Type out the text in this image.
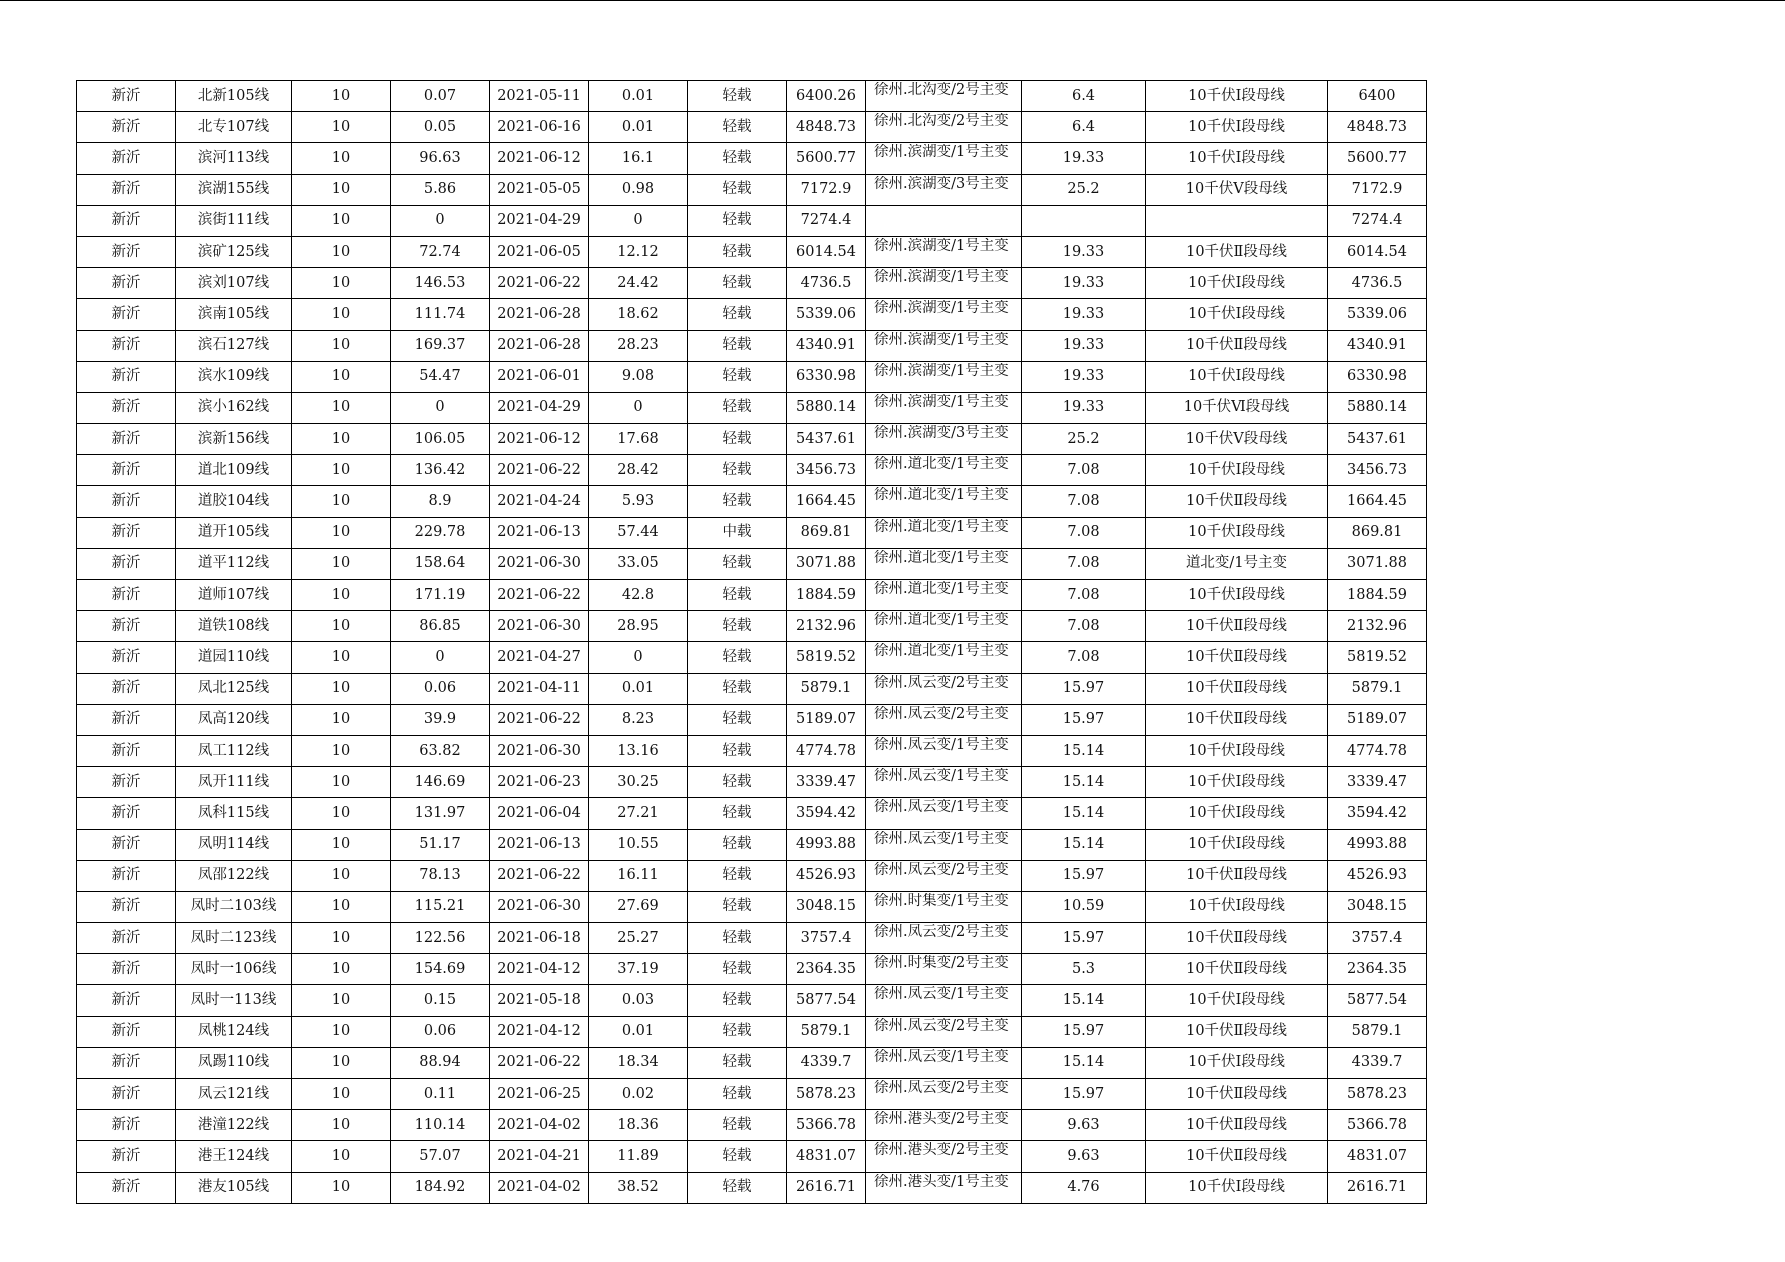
新沂	北新105线	10	0.07	2021-05-11	0.01	轻载	6400.26	徐州.北沟变/2号主变	6.4	10千伏Ⅰ段母线	6400
新沂	北专107线	10	0.05	2021-06-16	0.01	轻载	4848.73	徐州.北沟变/2号主变	6.4	10千伏Ⅰ段母线	4848.73
新沂	滨河113线	10	96.63	2021-06-12	16.1	轻载	5600.77	徐州.滨湖变/1号主变	19.33	10千伏Ⅰ段母线	5600.77
新沂	滨湖155线	10	5.86	2021-05-05	0.98	轻载	7172.9	徐州.滨湖变/3号主变	25.2	10千伏Ⅴ段母线	7172.9
新沂	滨街111线	10	0	2021-04-29	0	轻载	7274.4				7274.4
新沂	滨矿125线	10	72.74	2021-06-05	12.12	轻载	6014.54	徐州.滨湖变/1号主变	19.33	10千伏Ⅱ段母线	6014.54
新沂	滨刘107线	10	146.53	2021-06-22	24.42	轻载	4736.5	徐州.滨湖变/1号主变	19.33	10千伏Ⅰ段母线	4736.5
新沂	滨南105线	10	111.74	2021-06-28	18.62	轻载	5339.06	徐州.滨湖变/1号主变	19.33	10千伏Ⅰ段母线	5339.06
新沂	滨石127线	10	169.37	2021-06-28	28.23	轻载	4340.91	徐州.滨湖变/1号主变	19.33	10千伏Ⅱ段母线	4340.91
新沂	滨水109线	10	54.47	2021-06-01	9.08	轻载	6330.98	徐州.滨湖变/1号主变	19.33	10千伏Ⅰ段母线	6330.98
新沂	滨小162线	10	0	2021-04-29	0	轻载	5880.14	徐州.滨湖变/1号主变	19.33	10千伏Ⅵ段母线	5880.14
新沂	滨新156线	10	106.05	2021-06-12	17.68	轻载	5437.61	徐州.滨湖变/3号主变	25.2	10千伏Ⅴ段母线	5437.61
新沂	道北109线	10	136.42	2021-06-22	28.42	轻载	3456.73	徐州.道北变/1号主变	7.08	10千伏Ⅰ段母线	3456.73
新沂	道胶104线	10	8.9	2021-04-24	5.93	轻载	1664.45	徐州.道北变/1号主变	7.08	10千伏Ⅱ段母线	1664.45
新沂	道开105线	10	229.78	2021-06-13	57.44	中载	869.81	徐州.道北变/1号主变	7.08	10千伏Ⅰ段母线	869.81
新沂	道平112线	10	158.64	2021-06-30	33.05	轻载	3071.88	徐州.道北变/1号主变	7.08	道北变/1号主变	3071.88
新沂	道师107线	10	171.19	2021-06-22	42.8	轻载	1884.59	徐州.道北变/1号主变	7.08	10千伏Ⅰ段母线	1884.59
新沂	道铁108线	10	86.85	2021-06-30	28.95	轻载	2132.96	徐州.道北变/1号主变	7.08	10千伏Ⅱ段母线	2132.96
新沂	道园110线	10	0	2021-04-27	0	轻载	5819.52	徐州.道北变/1号主变	7.08	10千伏Ⅱ段母线	5819.52
新沂	凤北125线	10	0.06	2021-04-11	0.01	轻载	5879.1	徐州.凤云变/2号主变	15.97	10千伏Ⅱ段母线	5879.1
新沂	凤高120线	10	39.9	2021-06-22	8.23	轻载	5189.07	徐州.凤云变/2号主变	15.97	10千伏Ⅱ段母线	5189.07
新沂	凤工112线	10	63.82	2021-06-30	13.16	轻载	4774.78	徐州.凤云变/1号主变	15.14	10千伏Ⅰ段母线	4774.78
新沂	凤开111线	10	146.69	2021-06-23	30.25	轻载	3339.47	徐州.凤云变/1号主变	15.14	10千伏Ⅰ段母线	3339.47
新沂	凤科115线	10	131.97	2021-06-04	27.21	轻载	3594.42	徐州.凤云变/1号主变	15.14	10千伏Ⅰ段母线	3594.42
新沂	凤明114线	10	51.17	2021-06-13	10.55	轻载	4993.88	徐州.凤云变/1号主变	15.14	10千伏Ⅰ段母线	4993.88
新沂	凤邵122线	10	78.13	2021-06-22	16.11	轻载	4526.93	徐州.凤云变/2号主变	15.97	10千伏Ⅱ段母线	4526.93
新沂	凤时二103线	10	115.21	2021-06-30	27.69	轻载	3048.15	徐州.时集变/1号主变	10.59	10千伏Ⅰ段母线	3048.15
新沂	凤时二123线	10	122.56	2021-06-18	25.27	轻载	3757.4	徐州.凤云变/2号主变	15.97	10千伏Ⅱ段母线	3757.4
新沂	凤时一106线	10	154.69	2021-04-12	37.19	轻载	2364.35	徐州.时集变/2号主变	5.3	10千伏Ⅱ段母线	2364.35
新沂	凤时一113线	10	0.15	2021-05-18	0.03	轻载	5877.54	徐州.凤云变/1号主变	15.14	10千伏Ⅰ段母线	5877.54
新沂	凤桃124线	10	0.06	2021-04-12	0.01	轻载	5879.1	徐州.凤云变/2号主变	15.97	10千伏Ⅱ段母线	5879.1
新沂	凤踢110线	10	88.94	2021-06-22	18.34	轻载	4339.7	徐州.凤云变/1号主变	15.14	10千伏Ⅰ段母线	4339.7
新沂	凤云121线	10	0.11	2021-06-25	0.02	轻载	5878.23	徐州.凤云变/2号主变	15.97	10千伏Ⅱ段母线	5878.23
新沂	港潼122线	10	110.14	2021-04-02	18.36	轻载	5366.78	徐州.港头变/2号主变	9.63	10千伏Ⅱ段母线	5366.78
新沂	港王124线	10	57.07	2021-04-21	11.89	轻载	4831.07	徐州.港头变/2号主变	9.63	10千伏Ⅱ段母线	4831.07
新沂	港友105线	10	184.92	2021-04-02	38.52	轻载	2616.71	徐州.港头变/1号主变	4.76	10千伏Ⅰ段母线	2616.71
